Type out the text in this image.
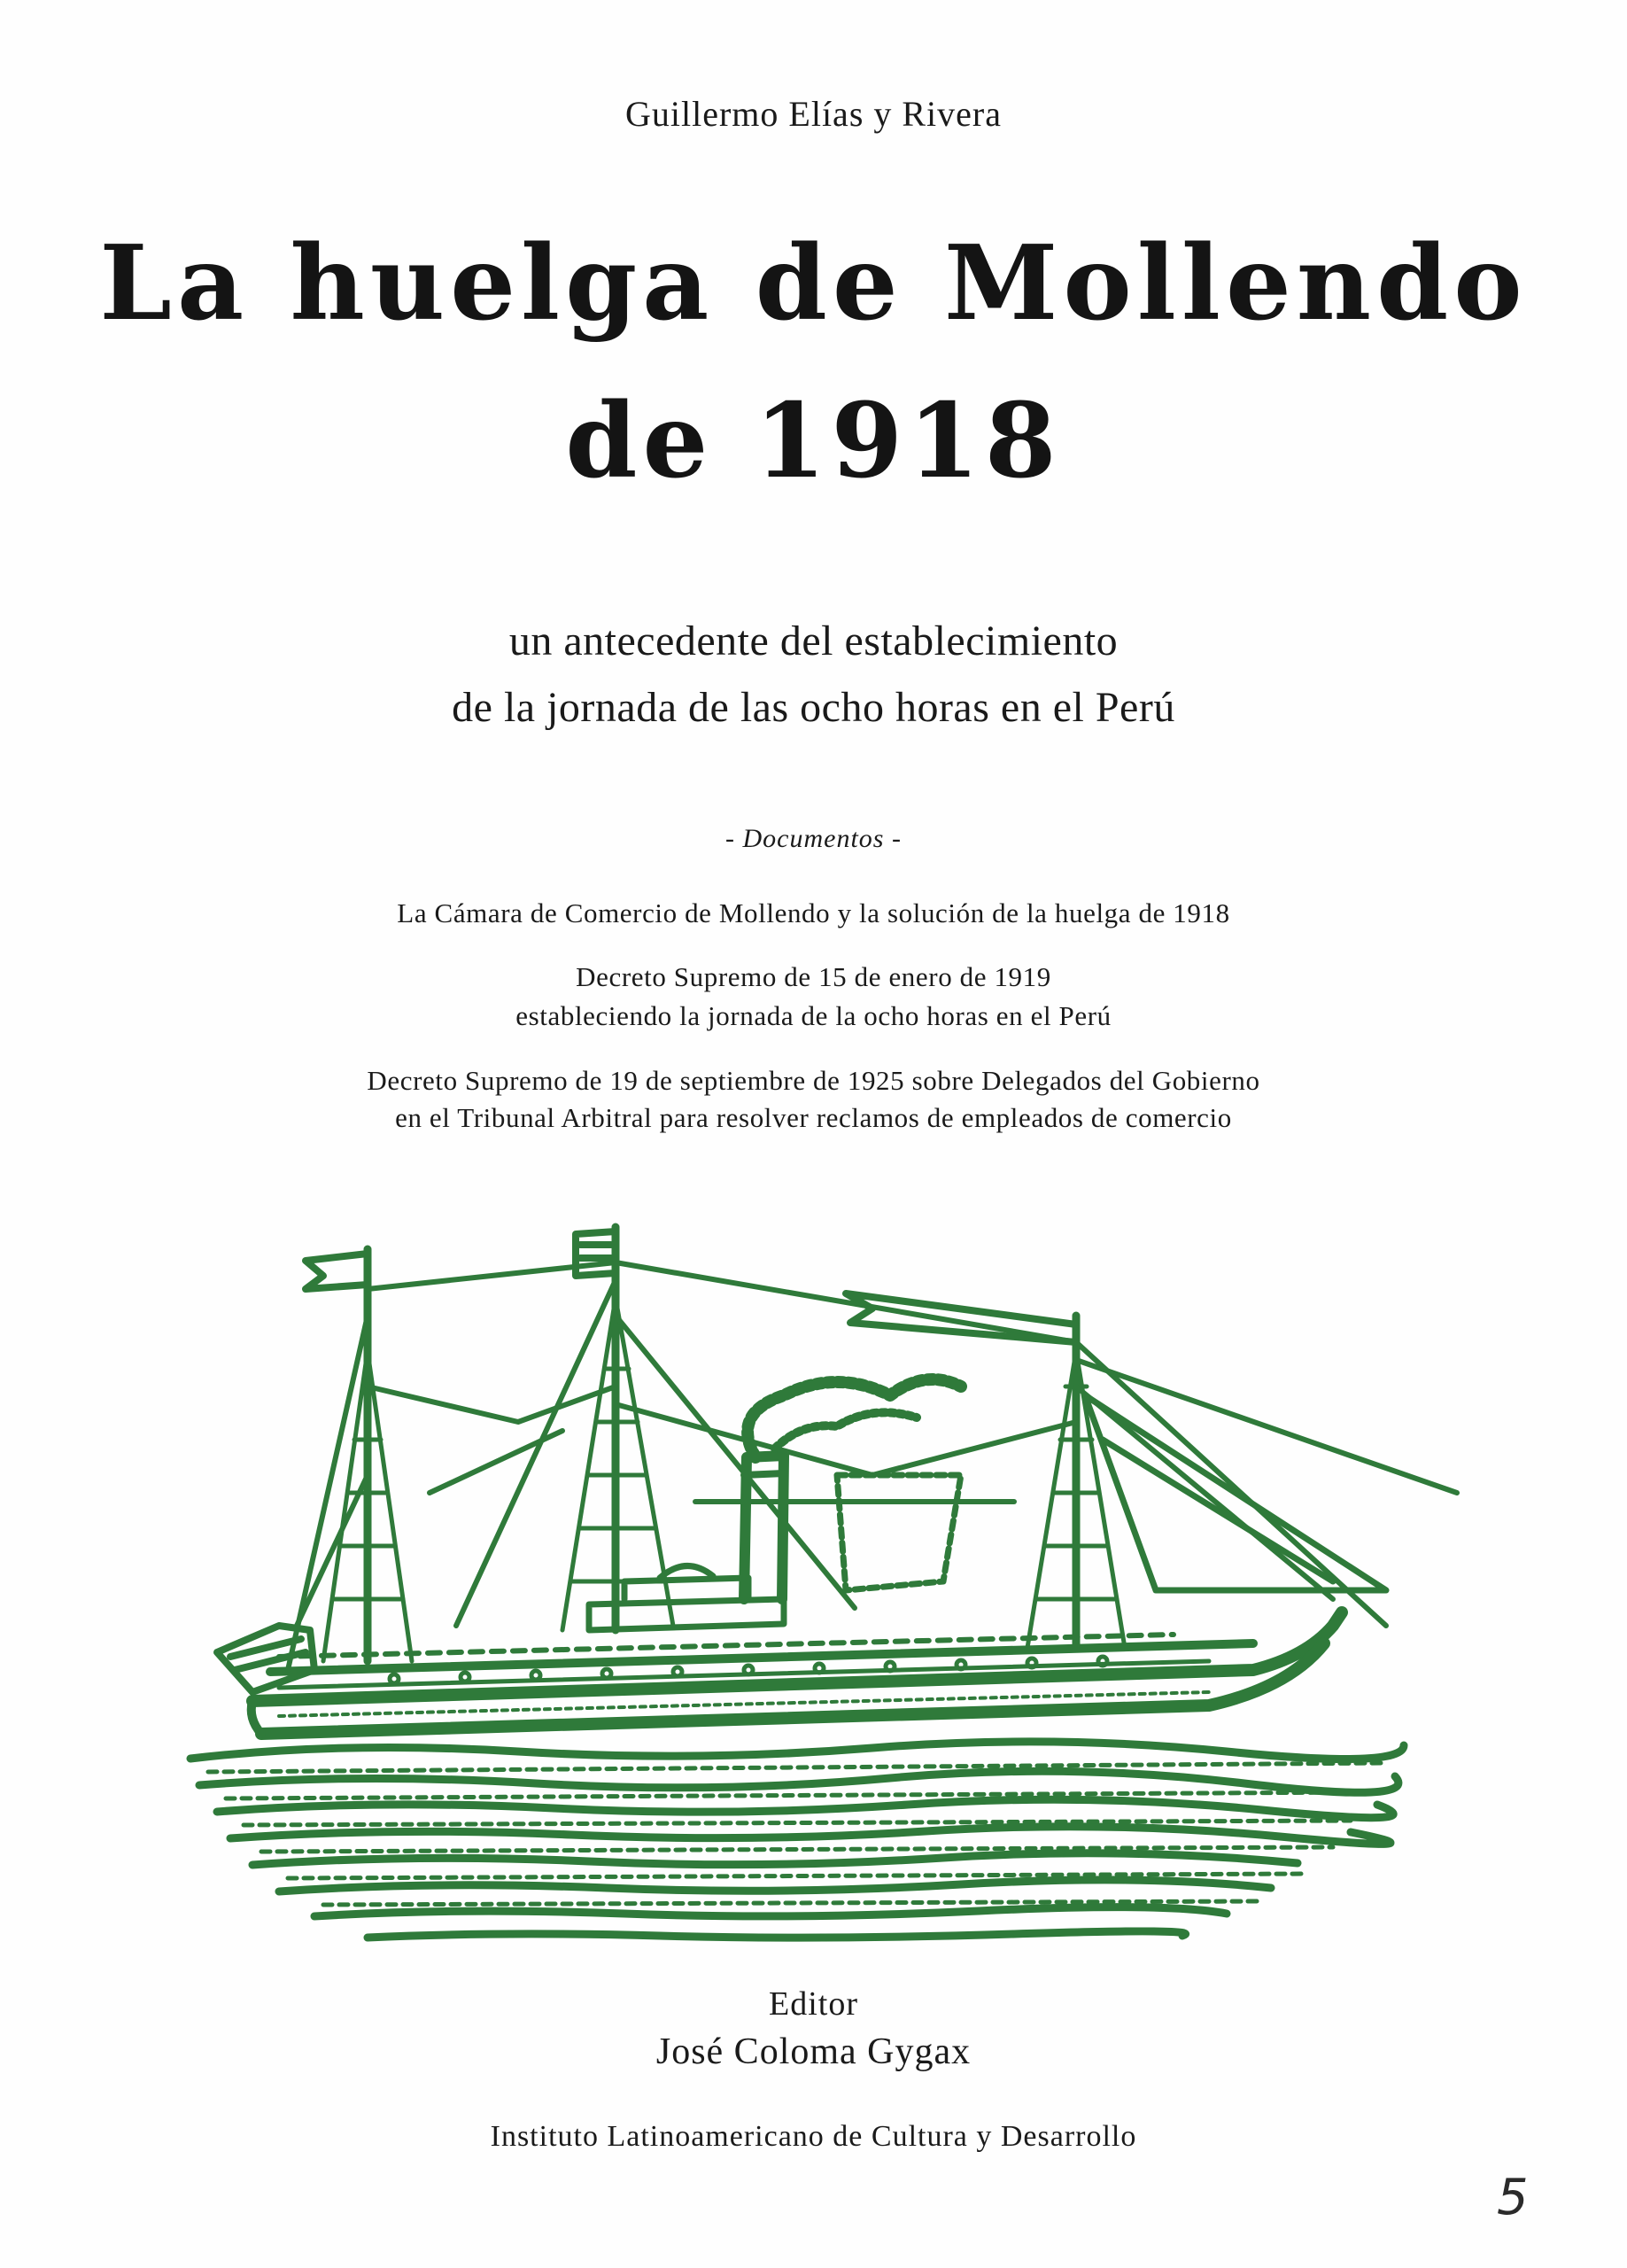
Guillermo Elías y Rivera
La huelga de Mollendo
de 1918
un antecedente del establecimiento
de la jornada de las ocho horas en el Perú
- Documentos -
La Cámara de Comercio de Mollendo y la solución de la huelga de 1918
Decreto Supremo de 15 de enero de 1919
estableciendo la jornada de la ocho horas en el Perú
Decreto Supremo de 19 de septiembre de 1925 sobre Delegados del Gobierno
en el Tribunal Arbitral para resolver reclamos de empleados de comercio
Editor
José Coloma Gygax
Instituto Latinoamericano de Cultura y Desarrollo
5
